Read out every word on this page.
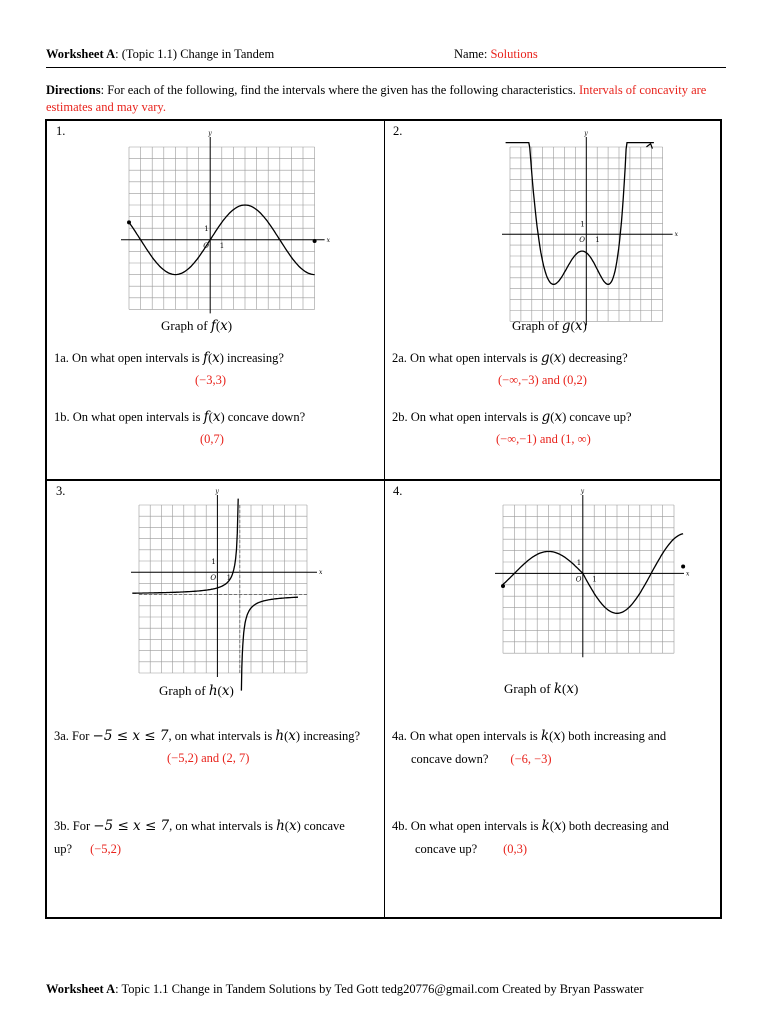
Worksheet A: (Topic 1.1) Change in Tandem	Name: Solutions
Directions: For each of the following, find the intervals where the given has the following characteristics. Intervals of concavity are estimates and may vary.
1.
x
y
O 1
1
Graph of f(x)
1a. On what open intervals is f(x) increasing?
(−3,3)
1b. On what open intervals is f(x) concave down?
(0,7)
2.
x
y
O 1
1
Graph of g(x)
2a. On what open intervals is g(x) decreasing?
(−∞,−3) and (0,2)
2b. On what open intervals is g(x) concave up?
(−∞,−1) and (1, ∞)
3.
x
y
O 1
1
Graph of h(x)
3a. For −5 ≤ x ≤ 7, on what intervals is h(x) increasing?
(−5,2) and (2, 7)
3b. For −5 ≤ x ≤ 7, on what intervals is h(x) concave
up? (−5,2)
4.
x
y
O 1
1
Graph of k(x)
4a. On what open intervals is k(x) both increasing and
concave down? (−6, −3)
4b. On what open intervals is k(x) both decreasing and
concave up? (0,3)
Worksheet A: Topic 1.1 Change in Tandem Solutions by Ted Gott tedg20776@gmail.com Created by Bryan Passwater
